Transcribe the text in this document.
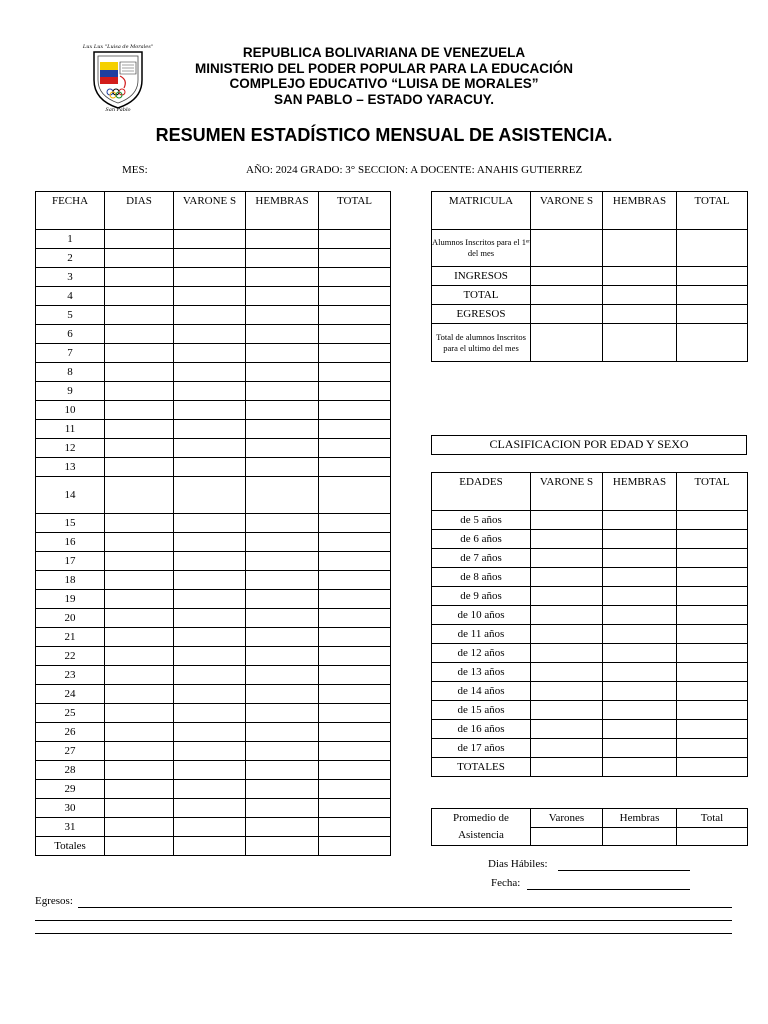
Lux Lux "Luisa de Morales"
San Pablo
REPUBLICA BOLIVARIANA DE VENEZUELA
MINISTERIO DEL PODER POPULAR PARA LA EDUCACIÓN
COMPLEJO EDUCATIVO “LUISA DE MORALES”
SAN PABLO – ESTADO YARACUY.
RESUMEN ESTADÍSTICO MENSUAL DE ASISTENCIA.
MES:	AÑO: 2024 GRADO: 3° SECCION: A DOCENTE: ANAHIS GUTIERREZ
FECHA	DIAS	VARONE S	HEMBRAS	TOTAL
1				
2				
3				
4				
5				
6				
7				
8				
9				
10				
11				
12				
13				
14				
15				
16				
17				
18				
19				
20				
21				
22				
23				
24				
25				
26				
27				
28				
29				
30				
31				
Totales				
MATRICULA	VARONE S	HEMBRAS	TOTAL
Alumnos Inscritos para el 1ᵉʳ del mes			
INGRESOS			
TOTAL			
EGRESOS			
Total de alumnos Inscritos para el ultimo del mes			
CLASIFICACION POR EDAD Y SEXO
EDADES	VARONE S	HEMBRAS	TOTAL
de 5 años			
de 6 años			
de 7 años			
de 8 años			
de 9 años			
de 10 años			
de 11 años			
de 12 años			
de 13 años			
de 14 años			
de 15 años			
de 16 años			
de 17 años			
TOTALES			
Promedio de Asistencia	Varones	Hembras	Total

Dias Hábiles:
Fecha:
Egresos:
